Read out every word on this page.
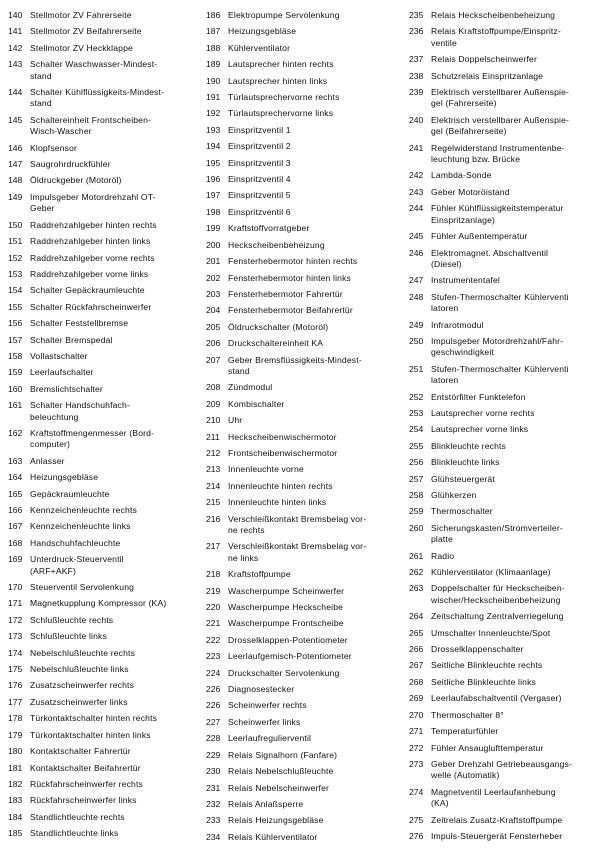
140 Stellmotor ZV Fahrerseite
141 Stellmotor ZV Beifahrerseite
142 Stellmotor ZV Heckklappe
143 Schalter Waschwasser-Mindest-
stand
144 Schalter Kühlflüssigkeits-Mindest-
stand
145 Schaltereinheit Frontscheiben-
Wisch-Wascher
146 Klopfsensor
147 Saugrohrdruckfühler
148 Öldruckgeber (Motoröl)
149 Impulsgeber Motordrehzahl OT-
Geber
150 Raddrehzahlgeber hinten rechts
151 Raddrehzahlgeber hinten links
152 Raddrehzahlgeber vorne rechts
153 Raddrehzahlgeber vorne links
154 Schalter Gepäckraumleuchte
155 Schalter Rückfahrscheinwerfer
156 Schalter Feststellbremse
157 Schalter Bremspedal
158 Vollastschalter
159 Leerlaufschalter
160 Bremslichtschalter
161 Schalter Handschuhfach-
beleuchtung
162 Kraftstoffmengenmesser (Bord-
computer)
163 Anlasser
164 Heizungsgebläse
165 Gepäckraumleuchte
166 Kennzeichenleuchte rechts
167 Kennzeichenleuchte links
168 Handschuhfachleuchte
169 Unterdruck-Steuerventil
(ARF+AKF)
170 Steuerventil Servolenkung
171 Magnetkupplung Kompressor (KA)
172 Schlußleuchte rechts
173 Schlußleuchte links
174 Nebelschlußleuchte rechts
175 Nebelschlußleuchte links
176 Zusatzscheinwerfer rechts
177 Zusatzscheinwerfer links
178 Türkontaktschalter hinten rechts
179 Türkontaktschalter hinten links
180 Kontaktschalter Fahrertür
181 Kontaktschalter Beifahrertür
182 Rückfahrscheinwerfer rechts
183 Rückfahrscheinwerfer links
184 Standlichtleuchte rechts
185 Standlichtleuchte links
186 Elektropumpe Servolenkung
187 Heizungsgebläse
188 Kühlerventilator
189 Lautsprecher hinten rechts
190 Lautsprecher hinten links
191 Türlautsprechervorne rechts
192 Türlautsprechervorne links
193 Einspritzventil 1
194 Einspritzventil 2
195 Einspritzventil 3
196 Einspritzventil 4
197 Einspritzventil 5
198 Einspritzventil 6
199 Kraftstoffvorratgeber
200 Heckscheibenbeheizung
201 Fensterhebermotor hinten rechts
202 Fensterhebermotor hinten links
203 Fensterhebermotor Fahrertür
204 Fensterhebermotor Beifahrertür
205 Öldruckschalter (Motoröl)
206 Druckschaltereinheit KA
207 Geber Bremsflüssigkeits-Mindest-
stand
208 Zündmodul
209 Kombischalter
210 Uhr
211 Heckscheibenwischermotor
212 Frontscheibenwischermotor
213 Innenleuchte vorne
214 Innenleuchte hinten rechts
215 Innenleuchte hinten links
216 Verschleißkontakt Bremsbelag vor-
ne rechts
217 Verschleißkontakt Bremsbelag vor-
ne links
218 Kraftstoffpumpe
219 Wascherpumpe Scheinwerfer
220 Wascherpumpe Heckscheibe
221 Wascherpumpe Frontscheibe
222 Drosselklappen-Potentiometer
223 Leerlaufgemisch-Potentiometer
224 Druckschalter Servolenkung
226 Diagnosestecker
226 Scheinwerfer rechts
227 Scheinwerfer links
228 Leerlaufregulierventil
229 Relais Signalhorn (Fanfare)
230 Relais Nebelschlußleuchte
231 Relais Nebelscheinwerfer
232 Relais Anlaßsperre
233 Relais Heizungsgebläse
234 Relais Kühlerventilator
235 Relais Heckscheibenbeheizung
236 Relais Kraftstoffpumpe/Einspritz-
ventile
237 Relais Doppelscheinwerfer
238 Schutzrelais Einspritzanlage
239 Elektrisch verstellbarer Außenspie-
gel (Fahrerseite)
240 Elektrisch verstellbarer Außenspie-
gel (Beifahrerseite)
241 Regelwiderstand Instrumentenbe-
leuchtung bzw. Brücke
242 Lambda-Sonde
243 Geber Motoröistand
244 Fühler Kühlflüssigkeitstemperatur
Einspritzanlage)
245 Fühler Außentemperatur
246 Elektromagnet. Abschaltventil
(Diesel)
247 Instrumententafel
248 Stufen-Thermoschalter Kühlerventi
latoren
249 Infrarotmodul
250 Impulsgeber Motordrehzahl/Fahr-
geschwindigkeit
251 Stufen-Thermoschalter Kühlerventi
latoren
252 Entstörfilter Funktelefon
253 Lautsprecher vorne rechts
254 Lautsprecher vorne links
255 Blinkleuchte rechts
256 Blinkleuchte links
257 Glühsteuergerät
258 Glühkerzen
259 Thermoschalter
260 Sicherungskasten/Stromverteiler-
platte
261 Radio
262 Kühlerventilator (Klimaanlage)
263 Doppelschalter für Heckscheiben-
wischer/Heckscheibenbeheizung
264 Zeitschaltung Zentralverriegelung
265 Umschalter Innenleuchte/Spot
266 Drosselklappenschalter
267 Seitliche Blinkleuchte rechts
268 Seitliche Blinkleuchte links
269 Leerlaufabschaltventil (Vergaser)
270 Thermoschalter 8°
271 Temperaturfühler
272 Fühler Ansauglufttemperatur
273 Geber Drehzahl Getriebeausgangs-
welle (Automatik)
274 Magnetventil Leerlaufanhebung
(KA)
275 Zeitrelais Zusatz-Kraftstoffpumpe
276 Impuls-Steuergerät Fensterheber
